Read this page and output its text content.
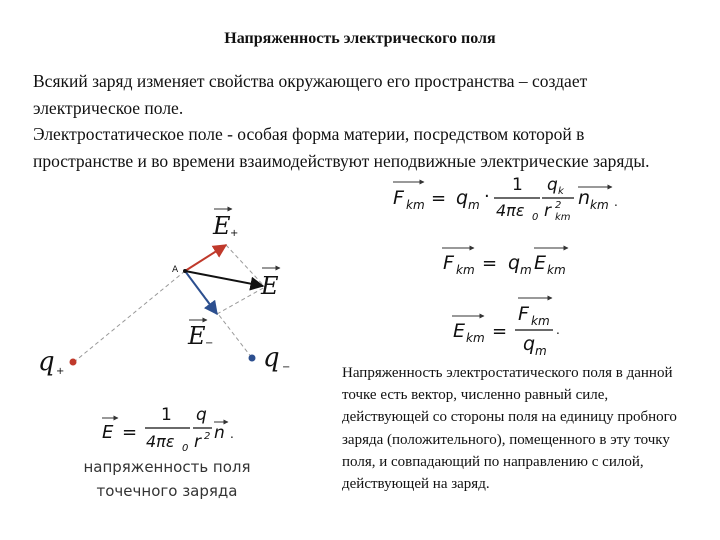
Напряженность электрического поля

Всякий заряд изменяет свойства окружающего его пространства – создает электрическое поле.

Электростатическое поле - особая форма материи, посредством которой в пространстве и во времени взаимодействуют неподвижные электрические заряды.

A
E +
E
E −
q +	q −
F km = q m ·
1
4πε 0
q k
r 2
km
n km .
F km = q m E km
E km =
F km
q m
.
E =
1
4πε 0
q
r 2 n .
напряженность поля
точечного заряда
Напряженность электростатического поля в данной точке есть вектор, численно равный силе, действующей со стороны поля на единицу пробного заряда (положительного), помещенного в эту точку поля, и совпадающий по направлению с силой, действующей на заряд.
